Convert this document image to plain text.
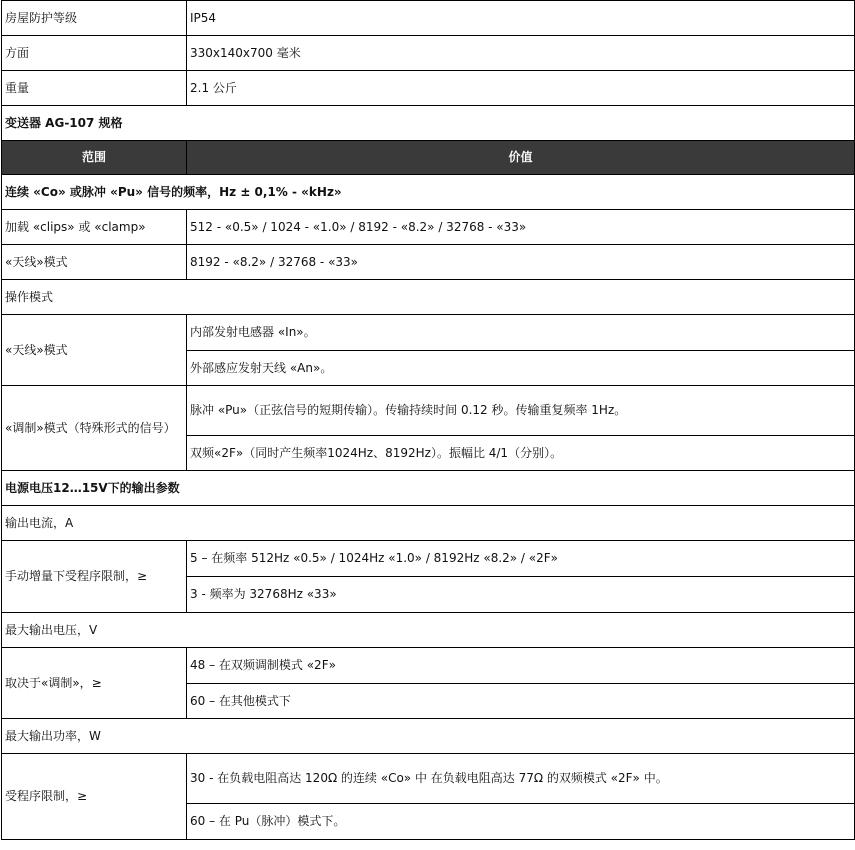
房屋防护等级	IP54
方面	330x140x700 毫米
重量	2.1 公斤
变送器 AG-107 规格	
范围	价值
连续 «Co» 或脉冲 «Pu» 信号的频率，Hz ± 0,1% - «kHz»	
加载 «clips» 或 «clamp»	512 - «0.5» / 1024 - «1.0» / 8192 - «8.2» / 32768 - «33»
«天线»模式	8192 - «8.2» / 32768 - «33»
操作模式	
«天线»模式	内部发射电感器 «In»。
	外部感应发射天线 «An»。
«调制»模式（特殊形式的信号）	脉冲 «Pu»（正弦信号的短期传输）。传输持续时间 0.12 秒。传输重复频率 1Hz。
	双频«2F»（同时产生频率1024Hz、8192Hz）。振幅比 4/1（分别）。
电源电压12…15V下的输出参数	
输出电流，A	
手动增量下受程序限制，≥	5 – 在频率 512Hz «0.5» / 1024Hz «1.0» / 8192Hz «8.2» / «2F»
	3 - 频率为 32768Hz «33»
最大输出电压，V	
取决于«调制»，≥	48 – 在双频调制模式 «2F»
	60 – 在其他模式下
最大输出功率，W	
受程序限制，≥	30 - 在负载电阻高达 120Ω 的连续 «Co» 中 在负载电阻高达 77Ω 的双频模式 «2F» 中。
	60 – 在 Pu（脉冲）模式下。
